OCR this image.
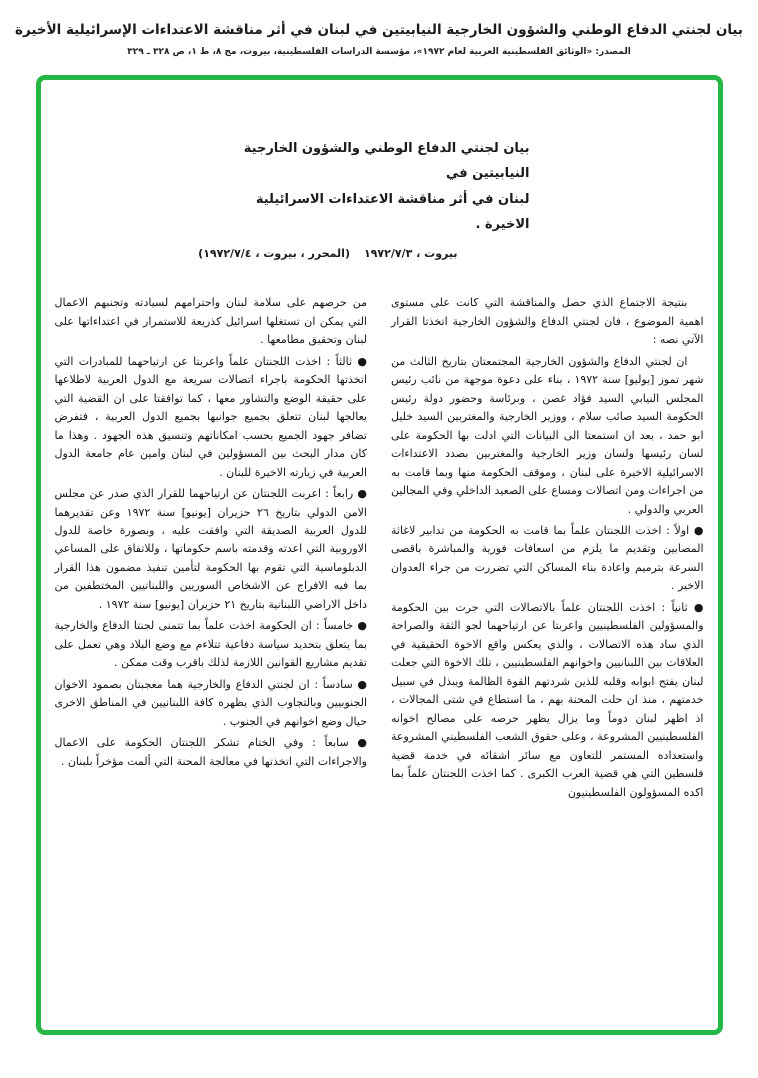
بيان لجنتي الدفاع الوطني والشؤون الخارجية النيابيتين في لبنان في أثر مناقشة الاعتداءات الإسرائيلية الأخيرة
المصدر: «الوثائق الفلسطينية العربية لعام ١٩٧٢»، مؤسسة الدراسات الفلسطينية، بيروت، مج ٨، ط ١، ص ٣٢٨ ـ ٣٢٩
بيان لجنتي الدفاع الوطني والشؤون الخارجية النيابيتين في
لبنان في أثر مناقشة الاعتداءات الاسرائيلية الاخيرة .
بيروت ، ١٩٧٢/٧/٣
(المحرر ، بيروت ، ١٩٧٢/٧/٤)

بنتيجة الاجتماع الذي حصل والمناقشة التي كانت على مستوى اهمية الموضوع ، فان لجنتي الدفاع والشؤون الخارجية اتخذتا القرار الآتي نصه :

ان لجنتي الدفاع والشؤون الخارجية المجتمعتان بتاريخ الثالث من شهر تموز [يوليو] سنة ١٩٧٢ ، بناء على دعوة موجهة من نائب رئيس المجلس النيابي السيد فؤاد غصن ، وبرئاسة وحضور دولة رئيس الحكومة السيد صائب سلام ، ووزير الخارجية والمغتربين السيد خليل ابو حمد ، بعد ان استمعتا الى البيانات التي ادلت بها الحكومة على لسان رئيسها ولسان وزير الخارجية والمغتربين بصدد الاعتداءات الاسرائيلية الاخيرة على لبنان ، وموقف الحكومة منها وبما قامت به من اجراءات ومن اتصالات ومساع على الصعيد الداخلي وفي المجالين العربي والدولي .

● اولاً : اخذت اللجنتان علماً بما قامت به الحكومة من تدابير لاغاثة المصابين وتقديم ما يلزم من اسعافات فورية والمباشرة باقصى السرعة بترميم واعادة بناء المساكن التي تضررت من جراء العدوان الاخير .

● ثانياً : اخذت اللجنتان علماً بالاتصالات التي جرت بين الحكومة والمسؤولين الفلسطينيين واعربتا عن ارتياحهما لجو الثقة والصراحة الذي ساد هذه الاتصالات ، والذي يعكس واقع الاخوة الحقيقية في العلاقات بين اللبنانيين واخوانهم الفلسطينيين ، تلك الاخوة التي جعلت لبنان يفتح ابوابه وقلبه للذين شردتهم القوة الظالمة ويبذل في سبيل خدمتهم ، منذ ان حلت المحنة بهم ، ما استطاع في شتى المجالات ، اذ اظهر لبنان دوماً وما يزال يظهر حرصه على مصالح اخوانه الفلسطينيين المشروعة ، وعلى حقوق الشعب الفلسطيني المشروعة واستعداده المستمر للتعاون مع سائر اشقائه في خدمة قضية فلسطين التي هي قضية العرب الكبرى . كما اخذت اللجنتان علماً بما اكده المسؤولون الفلسطينيون

من حرصهم على سلامة لبنان واحترامهم لسيادته وتجنبهم الاعمال التي يمكن ان تستغلها اسرائيل كذريعة للاستمرار في اعتداءاتها على لبنان وتحقيق مطامعها .

● ثالثاً : اخذت اللجنتان علماً واعربتا عن ارتياحهما للمبادرات التي اتخذتها الحكومة باجراء اتصالات سريعة مع الدول العربية لاطلاعها على حقيقة الوضع والتشاور معها ، كما توافقتا على ان القضية التي يعالجها لبنان تتعلق بجميع جوانبها بجميع الدول العربية ، فتفرض تضافر جهود الجميع بحسب امكاناتهم وتنسيق هذه الجهود . وهذا ما كان مدار البحث بين المسؤولين في لبنان وامين عام جامعة الدول العربية في زيارته الاخيرة للبنان .

● رابعاً : اعربت اللجنتان عن ارتياحهما للقرار الذي صدر عن مجلس الامن الدولي بتاريخ ٢٦ حزيران [يونيو] سنة ١٩٧٢ وعن تقديرهما للدول العربية الصديقة التي وافقت عليه ، وبصورة خاصة للدول الاوروبية التي اعدته وقدمته باسم حكوماتها ، وللاتفاق على المساعي الدبلوماسية التي تقوم بها الحكومة لتأمين تنفيذ مضمون هذا القرار بما فيه الافراج عن الاشخاص السوريين واللبنانيين المختطفين من داخل الاراضي اللبنانية بتاريخ ٢١ حزيران [يونيو] سنة ١٩٧٢ .

● خامساً : ان الحكومة اخذت علماً بما تتمنى لجنتا الدفاع والخارجية بما يتعلق بتحديد سياسة دفاعية تتلاءم مع وضع البلاد وهي تعمل على تقديم مشاريع القوانين اللازمة لذلك باقرب وقت ممكن .

● سادساً : ان لجنتي الدفاع والخارجية هما معجبتان بصمود الاخوان الجنوبيين وبالتجاوب الذي يظهره كافة اللبنانيين في المناطق الاخرى حيال وضع اخوانهم في الجنوب .

● سابعاً : وفي الختام تشكر اللجنتان الحكومة على الاعمال والاجراءات التي اتخذتها في معالجة المحنة التي ألمت مؤخراً بلبنان .
